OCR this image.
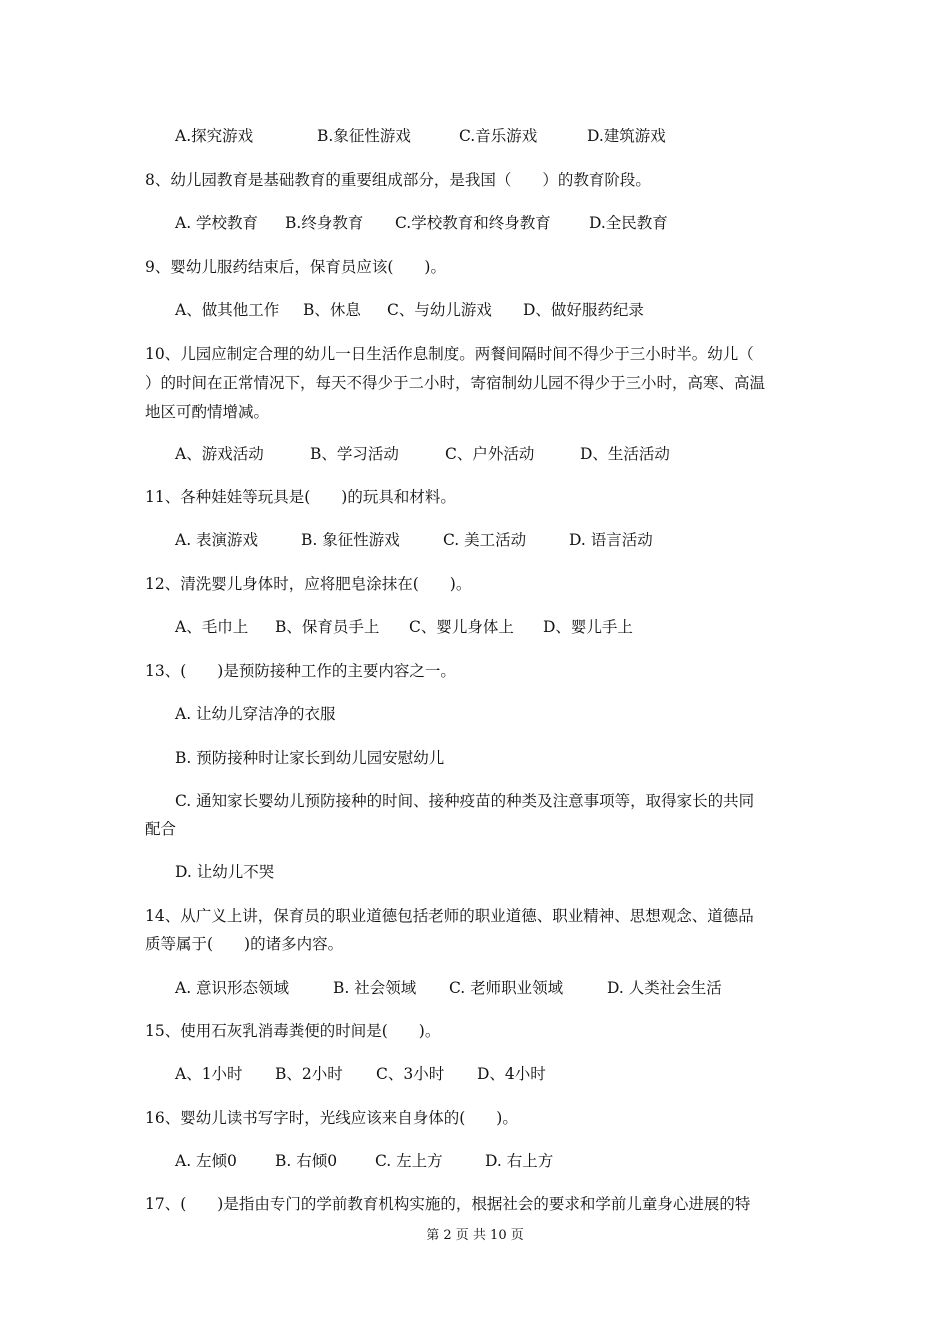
A.探究游戏	B.象征性游戏	C.音乐游戏	D.建筑游戏
8、幼儿园教育是基础教育的重要组成部分，是我国（　　）的教育阶段。
A. 学校教育 B.终身教育 C.学校教育和终身教育 D.全民教育
9、婴幼儿服药结束后，保育员应该(　　)。
A、做其他工作 B、休息 C、与幼儿游戏 D、做好服药纪录
10、儿园应制定合理的幼儿一日生活作息制度。两餐间隔时间不得少于三小时半。幼儿（
）的时间在正常情况下，每天不得少于二小时，寄宿制幼儿园不得少于三小时，高寒、高温
地区可酌情增减。
A、游戏活动	B、学习活动	C、户外活动	D、生活活动
11、各种娃娃等玩具是(　　)的玩具和材料。
A. 表演游戏	B. 象征性游戏	C. 美工活动	D. 语言活动
12、清洗婴儿身体时，应将肥皂涂抹在(　　)。
A、毛巾上 B、保育员手上 C、婴儿身体上 D、婴儿手上
13、(　　)是预防接种工作的主要内容之一。
A. 让幼儿穿洁净的衣服
B. 预防接种时让家长到幼儿园安慰幼儿
C. 通知家长婴幼儿预防接种的时间、接种疫苗的种类及注意事项等，取得家长的共同
配合
D. 让幼儿不哭
14、从广义上讲，保育员的职业道德包括老师的职业道德、职业精神、思想观念、道德品
质等属于(　　)的诸多内容。
A. 意识形态领域	B. 社会领域 C. 老师职业领域	D. 人类社会生活
15、使用石灰乳消毒粪便的时间是(　　)。
A、1小时 B、2小时 C、3小时 D、4小时
16、婴幼儿读书写字时，光线应该来自身体的(　　)。
A. 左倾0 B. 右倾0 C. 左上方	D. 右上方
17、(　　)是指由专门的学前教育机构实施的，根据社会的要求和学前儿童身心进展的特
第 2 页 共 10 页
